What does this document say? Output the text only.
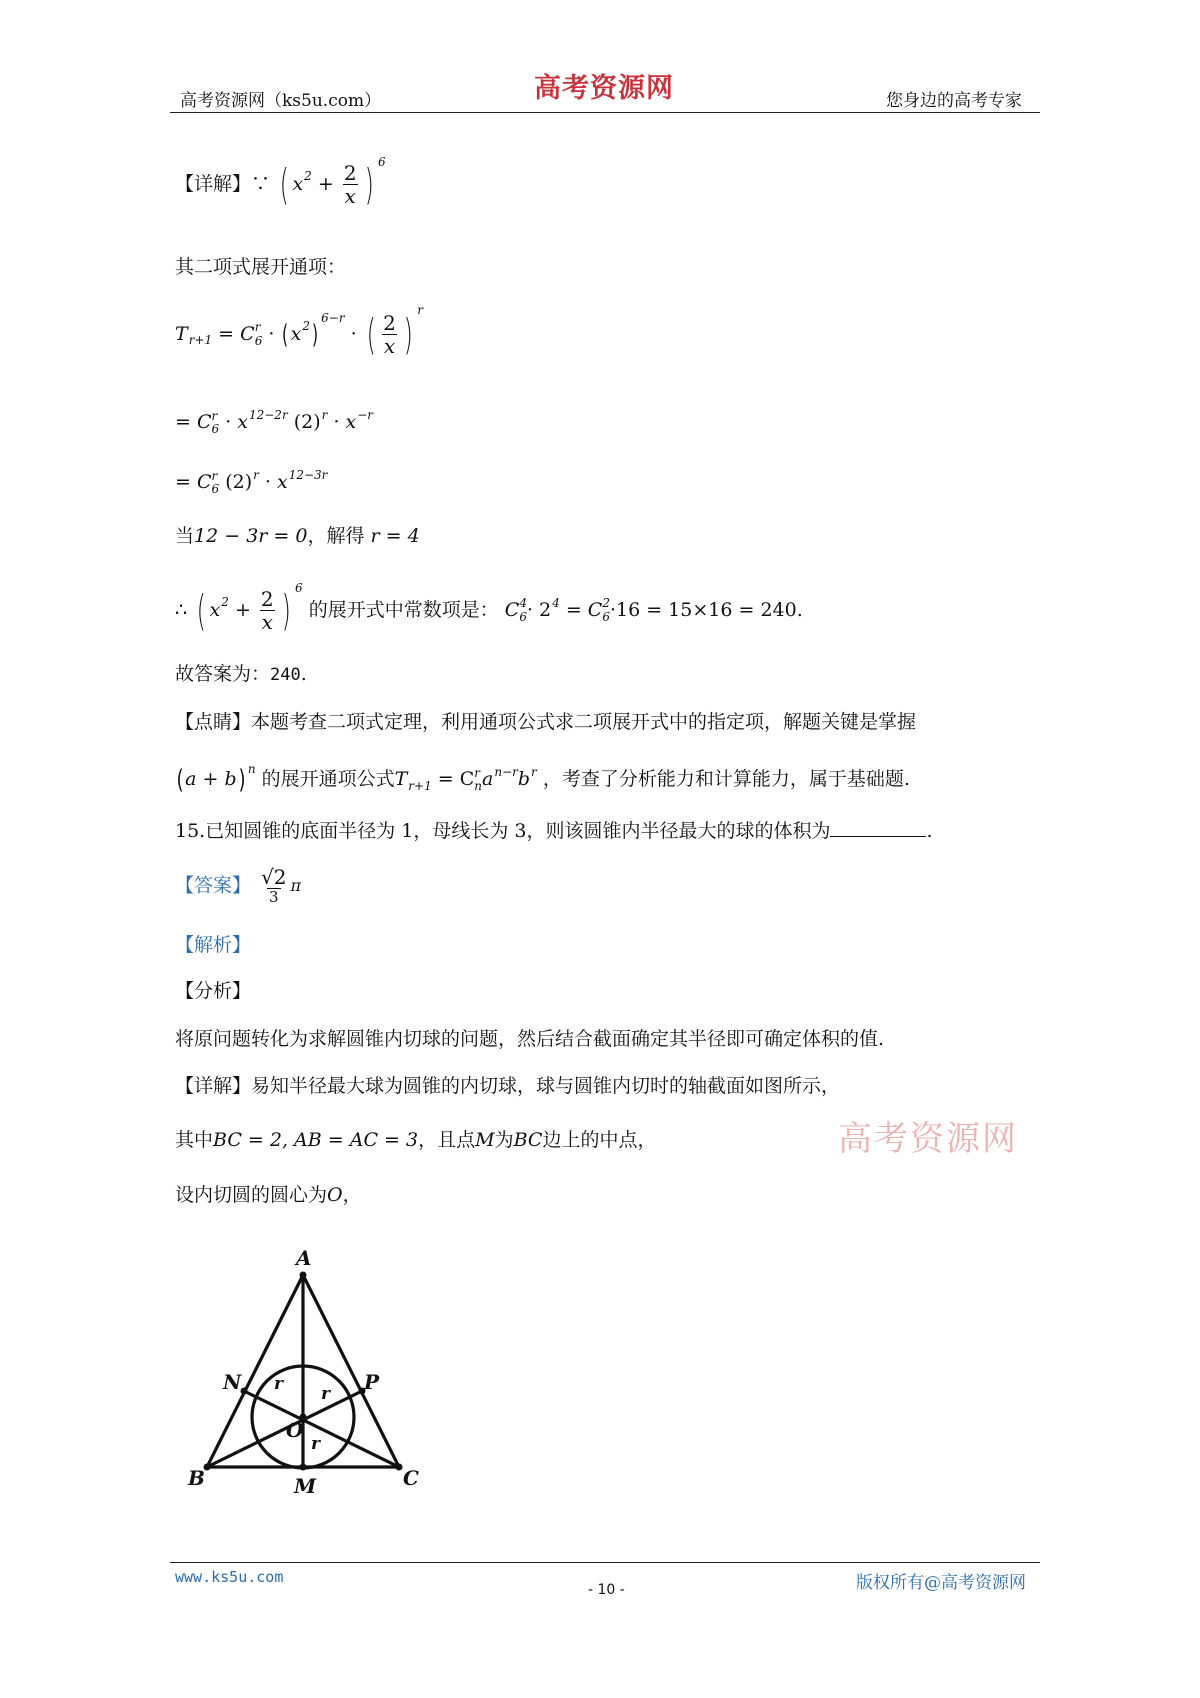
高考资源网（ks5u.com）	高考资源网	您身边的高考专家
【详解】∵ ( $x^2 + \frac{2}{x}$ ) $^6$
其二项式展开通项：
$T_{r+1} = C$ r
6 · ( $x^2)^{6-r}$ · ( $\frac{2}{x}$ ) $^r$
= C r
$6 \cdot x^{12-2r}$ $(2)^r \cdot x^{-r}$
= C r
6 $(2)^r \cdot x^{12-3r}$
当12 − 3r = 0，解得 r = 4
∴ ( $x^2 + \frac{2}{x}$ ) $^6$ 的展开式中常数项是： C 4
$6 \cdot 2^4 = C$ 2
6 ·16 = 15×16 = 240.
故答案为：240.
【点睛】本题考查二项式定理，利用通项公式求二项展开式中的指定项，解题关键是掌握
(a + b) $^n$ 的展开通项公式$T_{r+1} = C$ r
n $a^{n-r}b^r$ ，考查了分析能力和计算能力，属于基础题.
15.已知圆锥的底面半径为 1，母线长为 3，则该圆锥内半径最大的球的体积为	.
【答案】 $\frac{√2}{3}$ π
【解析】
【分析】
将原问题转化为求解圆锥内切球的问题，然后结合截面确定其半径即可确定体积的值.
【详解】易知半径最大球为圆锥的内切球，球与圆锥内切时的轴截面如图所示，
其中BC = 2, AB = AC = 3，且点M为BC边上的中点，
设内切圆的圆心为O，
高考资源网
A
N	P
O
B	M	C
r r
r
www.ks5u.com
- 10 -	版权所有@高考资源网
